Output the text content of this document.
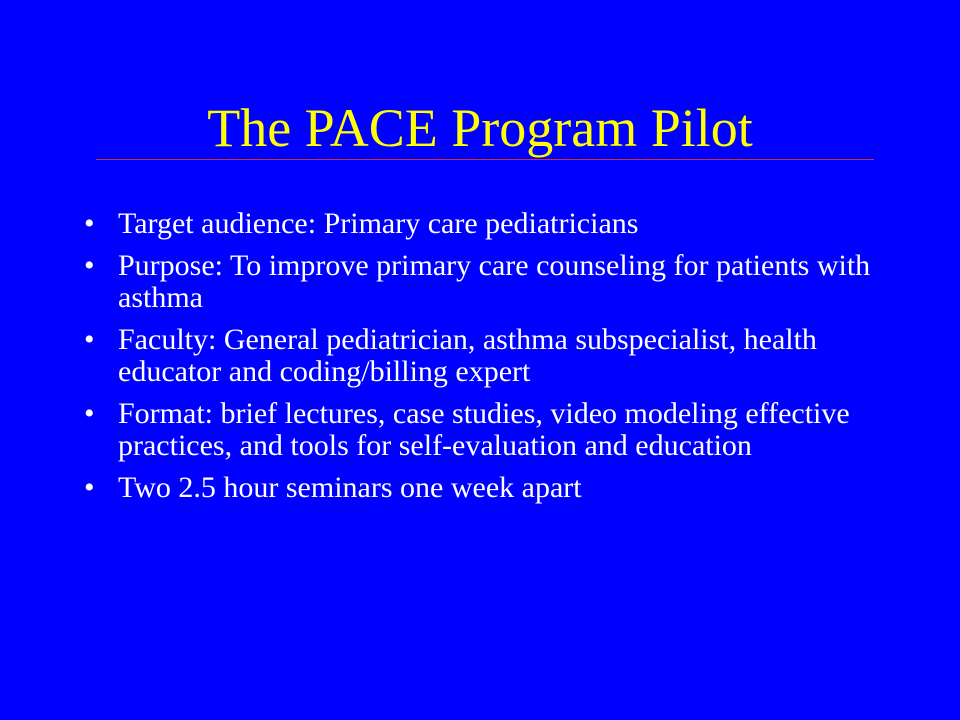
The PACE Program Pilot
• Target audience: Primary care pediatricians
• Purpose: To improve primary care counseling for patients with asthma
• Faculty: General pediatrician, asthma subspecialist, health educator and coding/billing expert
• Format: brief lectures, case studies, video modeling effective practices, and tools for self-evaluation and education
• Two 2.5 hour seminars one week apart
